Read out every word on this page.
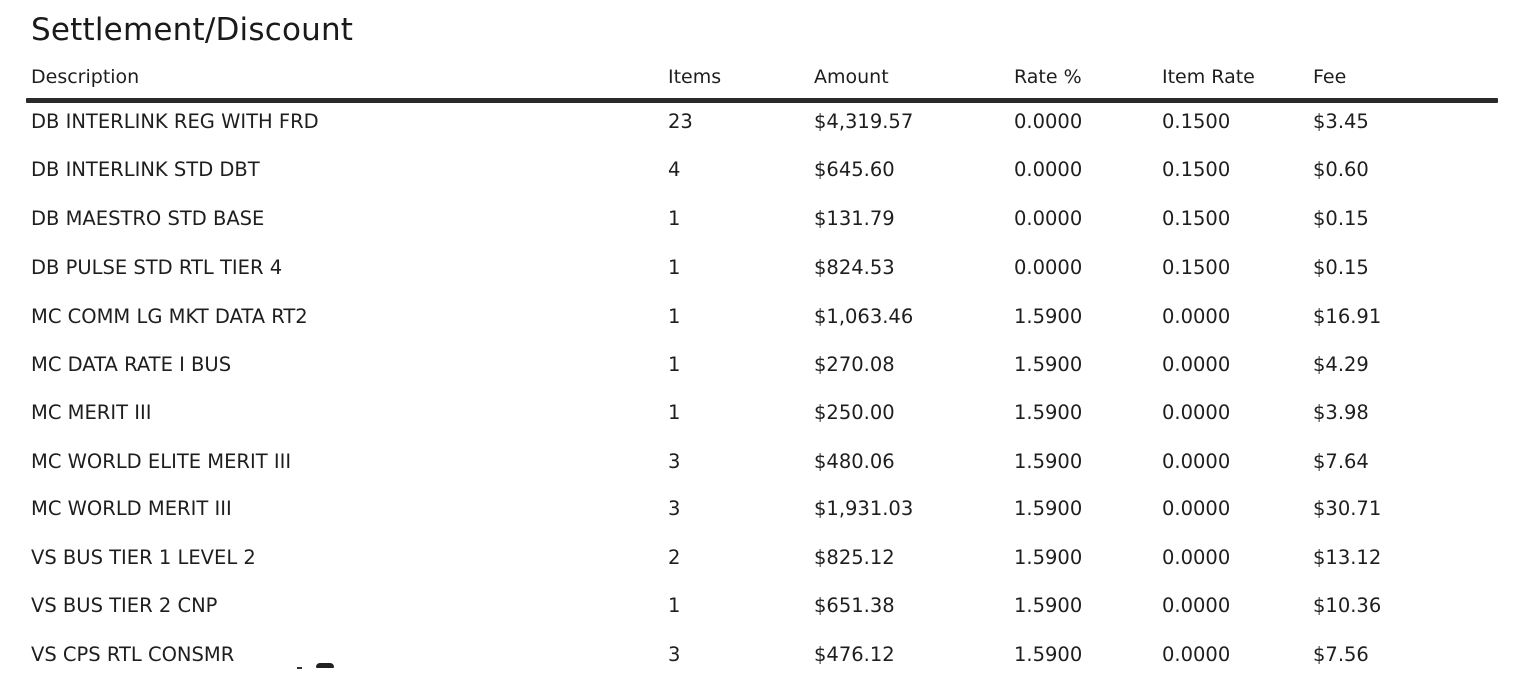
Settlement/Discount
Description	Items	Amount	Rate %	Item Rate	Fee
DB INTERLINK REG WITH FRD	23	$4,319.57	0.0000	0.1500	$3.45
DB INTERLINK STD DBT	4	$645.60	0.0000	0.1500	$0.60
DB MAESTRO STD BASE	1	$131.79	0.0000	0.1500	$0.15
DB PULSE STD RTL TIER 4	1	$824.53	0.0000	0.1500	$0.15
MC COMM LG MKT DATA RT2	1	$1,063.46	1.5900	0.0000	$16.91
MC DATA RATE I BUS	1	$270.08	1.5900	0.0000	$4.29
MC MERIT III	1	$250.00	1.5900	0.0000	$3.98
MC WORLD ELITE MERIT III	3	$480.06	1.5900	0.0000	$7.64
MC WORLD MERIT III	3	$1,931.03	1.5900	0.0000	$30.71
VS BUS TIER 1 LEVEL 2	2	$825.12	1.5900	0.0000	$13.12
VS BUS TIER 2 CNP	1	$651.38	1.5900	0.0000	$10.36
VS CPS RTL CONSMR	3	$476.12	1.5900	0.0000	$7.56
